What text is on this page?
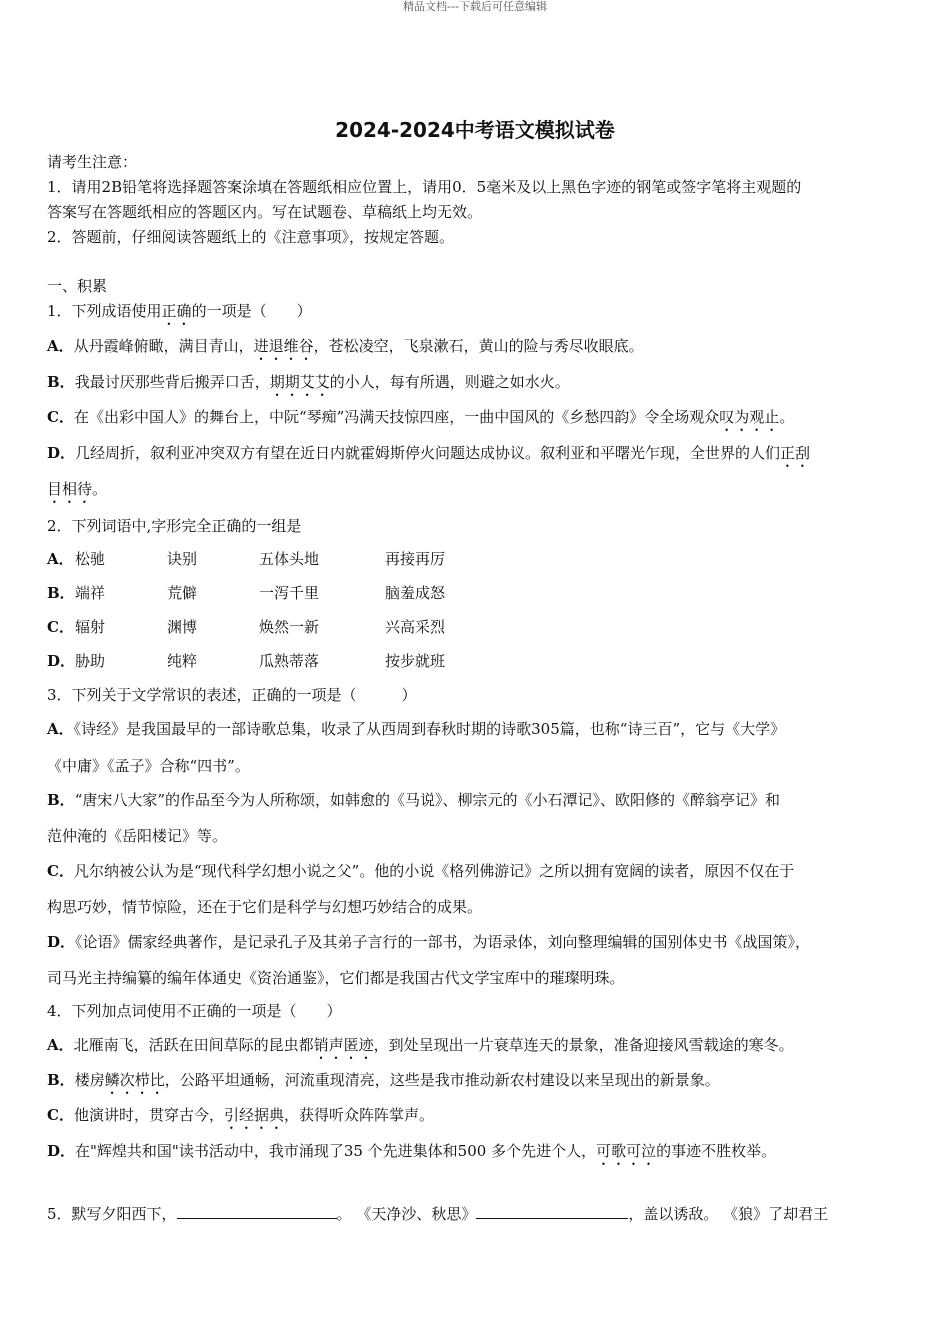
精品文档---下载后可任意编辑
2024-2024中考语文模拟试卷
请考生注意：
1．请用2B铅笔将选择题答案涂填在答题纸相应位置上，请用0．5毫米及以上黑色字迹的钢笔或签字笔将主观题的
答案写在答题纸相应的答题区内。写在试题卷、草稿纸上均无效。
2．答题前，仔细阅读答题纸上的《注意事项》，按规定答题。
一、积累
1．下列成语使用正确的一项是（　　）
A．从丹霞峰俯瞰，满目青山，进退维谷，苍松凌空，飞泉漱石，黄山的险与秀尽收眼底。
B．我最讨厌那些背后搬弄口舌，期期艾艾的小人，每有所遇，则避之如水火。
C．在《出彩中国人》的舞台上，中阮“琴痴”冯满天技惊四座，一曲中国风的《乡愁四韵》令全场观众叹为观止。
D．几经周折，叙利亚冲突双方有望在近日内就霍姆斯停火问题达成协议。叙利亚和平曙光乍现，全世界的人们正刮
目相待。
2．下列词语中,字形完全正确的一组是
A． 松驰	诀别	五体头地	再接再厉
B． 端祥	荒僻	一泻千里	脑羞成怒
C． 辐射	渊博	焕然一新	兴高采烈
D． 胁助	纯粹	瓜熟蒂落	按步就班
3．下列关于文学常识的表述，正确的一项是（　　　）
A．《诗经》是我国最早的一部诗歌总集，收录了从西周到春秋时期的诗歌305篇，也称“诗三百”，它与《大学》
《中庸》《孟子》合称“四书”。
B．“唐宋八大家”的作品至今为人所称颂，如韩愈的《马说》、柳宗元的《小石潭记》、欧阳修的《醉翁亭记》和
范仲淹的《岳阳楼记》等。
C．凡尔纳被公认为是“现代科学幻想小说之父”。他的小说《格列佛游记》之所以拥有宽阔的读者，原因不仅在于
构思巧妙，情节惊险，还在于它们是科学与幻想巧妙结合的成果。
D．《论语》儒家经典著作，是记录孔子及其弟子言行的一部书，为语录体，刘向整理编辑的国别体史书《战国策》，
司马光主持编纂的编年体通史《资治通鉴》，它们都是我国古代文学宝库中的璀璨明珠。
4．下列加点词使用不正确的一项是（　　）
A．北雁南飞，活跃在田间草际的昆虫都销声匿迹，到处呈现出一片衰草连天的景象，准备迎接风雪载途的寒冬。
B．楼房鳞次栉比，公路平坦通畅，河流重现清亮，这些是我市推动新农村建设以来呈现出的新景象。
C．他演讲时，贯穿古今，引经据典，获得听众阵阵掌声。
D．在"辉煌共和国"读书活动中，我市涌现了35 个先进集体和500 多个先进个人，可歌可泣的事迹不胜枚举。
5．默写夕阳西下，	。 《天净沙、秋思》	，盖以诱敌。 《狼》了却君王
